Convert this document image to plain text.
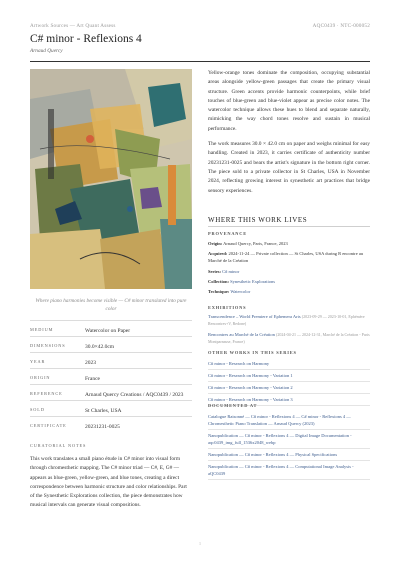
Artwork Sources — Art Quant Assess	AQC0439 · NTC-000052
C# minor - Reflexions 4
Arnaud Quercy
Where piano harmonies become visible — C# minor translated into pure color
MEDIUM	Watercolor on Paper
DIMENSIONS	30.0×42.0cm
YEAR	2023
ORIGIN	France
REFERENCE	Arnaud Quercy Creations / AQC0439 / 2023
SOLD	St Charles, USA
CERTIFICATE	20231231-0025
CURATORIAL NOTES
This work translates a small piano étude in C# minor into visual form through chromesthetic mapping. The C# minor triad — C#, E, G# — appears as blue-green, yellow-green, and blue tones, creating a direct correspondence between harmonic structure and color relationships. Part of the Synesthetic Explorations collection, the piece demonstrates how musical intervals can generate visual compositions.

Yellow-orange tones dominate the composition, occupying substantial areas alongside yellow-green passages that create the primary visual structure. Green accents provide harmonic counterpoints, while brief touches of blue-green and blue-violet appear as precise color notes. The watercolor technique allows these hues to blend and separate naturally, mimicking the way chord tones resolve and sustain in musical performance.

The work measures 30.0 × 42.0 cm on paper and weighs minimal for easy handling. Created in 2023, it carries certificate of authenticity number 20231231-0025 and bears the artist's signature in the bottom right corner. The piece sold to a private collector in St Charles, USA in November 2024, reflecting growing interest in synesthetic art practices that bridge sensory experiences.

WHERE THIS WORK LIVES
PROVENANCE
Origin: Arnaud Quercy, Paris, France, 2023
Acquired: 2024-11-24 — Private collection — St Charles, USA during R encontre au Marché de la Création
Series: C# minor
Collection: Synesthetic Explorations
Technique: Watercolor
EXHIBITIONS
Transcendence – World Premiere of Ephemera Arts (2023-09-29 — 2023-10-01, Ephémère Rencontres+V, Redone)
Rencontres au Marché de la Création (2024-04-21 — 2024-12-31, Marché de la Création - Paris Montparnasse, France)
OTHER WORKS IN THIS SERIES
C# minor - Research on Harmony
C# minor - Research on Harmony - Variation 1
C# minor - Research on Harmony - Variation 2
C# minor - Research on Harmony - Variation 3
DOCUMENTED AT
Catalogue Raisonné — C# minor - Reflexions 4 — C# minor - Reflexions 4 — Chromesthetic Piano Translation — Arnaud Quercy (2023)
Nanopublication — C# minor - Reflexions 4 — Digital Image Documentation - aqc0439_img_full_1536x2048_webp
Nanopublication — C# minor - Reflexions 4 — Physical Specifications
Nanopublication — C# minor - Reflexions 4 — Computational Image Analysis - aQC0439
1
